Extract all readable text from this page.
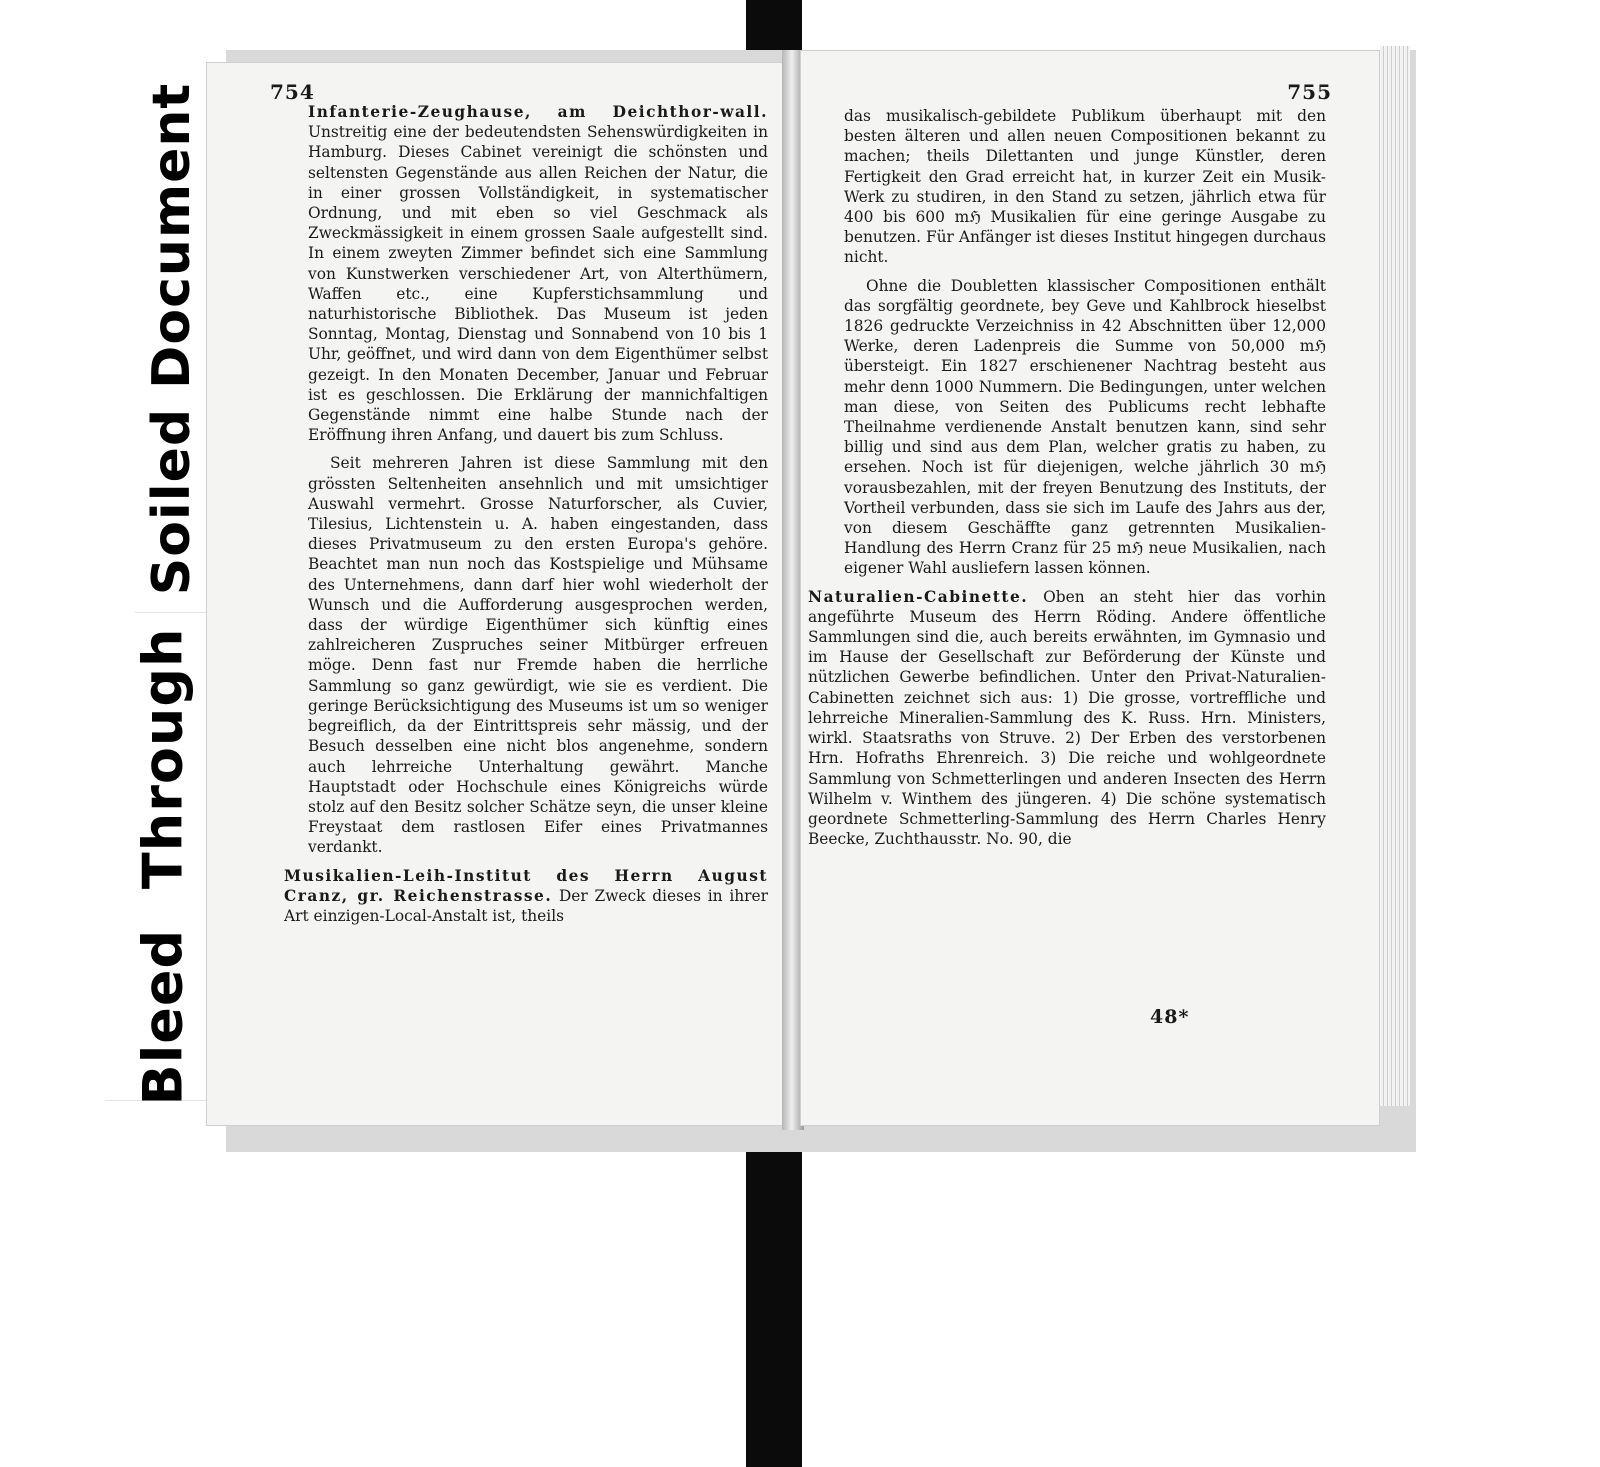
Soiled Document
Bleed Through
754

Infanterie-Zeughause, am Deichthor-wall. Unstreitig eine der bedeutendsten Sehenswürdigkeiten in Hamburg. Dieses Cabinet vereinigt die schönsten und seltensten Gegenstände aus allen Reichen der Natur, die in einer grossen Vollständigkeit, in systematischer Ordnung, und mit eben so viel Geschmack als Zweckmässigkeit in einem grossen Saale aufgestellt sind. In einem zweyten Zimmer befindet sich eine Sammlung von Kunstwerken verschiedener Art, von Alterthümern, Waffen etc., eine Kupferstichsammlung und naturhistorische Bibliothek. Das Museum ist jeden Sonntag, Montag, Dienstag und Sonnabend von 10 bis 1 Uhr, geöffnet, und wird dann von dem Eigenthümer selbst gezeigt. In den Monaten December, Januar und Februar ist es geschlossen. Die Erklärung der mannichfaltigen Gegenstände nimmt eine halbe Stunde nach der Eröffnung ihren Anfang, und dauert bis zum Schluss.

Seit mehreren Jahren ist diese Sammlung mit den grössten Seltenheiten ansehnlich und mit umsichtiger Auswahl vermehrt. Grosse Naturforscher, als Cuvier, Tilesius, Lichtenstein u. A. haben eingestanden, dass dieses Privatmuseum zu den ersten Europa's gehöre. Beachtet man nun noch das Kostspielige und Mühsame des Unternehmens, dann darf hier wohl wiederholt der Wunsch und die Aufforderung ausgesprochen werden, dass der würdige Eigenthümer sich künftig eines zahlreicheren Zuspruches seiner Mitbürger erfreuen möge. Denn fast nur Fremde haben die herrliche Sammlung so ganz gewürdigt, wie sie es verdient. Die geringe Berücksichtigung des Museums ist um so weniger begreiflich, da der Eintrittspreis sehr mässig, und der Besuch desselben eine nicht blos angenehme, sondern auch lehrreiche Unterhaltung gewährt. Manche Hauptstadt oder Hochschule eines Königreichs würde stolz auf den Besitz solcher Schätze seyn, die unser kleine Freystaat dem rastlosen Eifer eines Privatmannes verdankt.

Musikalien-Leih-Institut des Herrn August Cranz, gr. Reichenstrasse. Der Zweck dieses in ihrer Art einzigen-Local-Anstalt ist, theils

755

das musikalisch-gebildete Publikum überhaupt mit den besten älteren und allen neuen Compositionen bekannt zu machen; theils Dilettanten und junge Künstler, deren Fertigkeit den Grad erreicht hat, in kurzer Zeit ein Musik-Werk zu studiren, in den Stand zu setzen, jährlich etwa für 400 bis 600 mℌ Musikalien für eine geringe Ausgabe zu benutzen. Für Anfänger ist dieses Institut hingegen durchaus nicht.

Ohne die Doubletten klassischer Compositionen enthält das sorgfältig geordnete, bey Geve und Kahlbrock hieselbst 1826 gedruckte Verzeichniss in 42 Abschnitten über 12,000 Werke, deren Ladenpreis die Summe von 50,000 mℌ übersteigt. Ein 1827 erschienener Nachtrag besteht aus mehr denn 1000 Nummern. Die Bedingungen, unter welchen man diese, von Seiten des Publicums recht lebhafte Theilnahme verdienende Anstalt benutzen kann, sind sehr billig und sind aus dem Plan, welcher gratis zu haben, zu ersehen. Noch ist für diejenigen, welche jährlich 30 mℌ vorausbezahlen, mit der freyen Benutzung des Instituts, der Vortheil verbunden, dass sie sich im Laufe des Jahrs aus der, von diesem Geschäffte ganz getrennten Musikalien-Handlung des Herrn Cranz für 25 mℌ neue Musikalien, nach eigener Wahl ausliefern lassen können.

Naturalien-Cabinette. Oben an steht hier das vorhin angeführte Museum des Herrn Röding. Andere öffentliche Sammlungen sind die, auch bereits erwähnten, im Gymnasio und im Hause der Gesellschaft zur Beförderung der Künste und nützlichen Gewerbe befindlichen. Unter den Privat-Naturalien-Cabinetten zeichnet sich aus: 1) Die grosse, vortreffliche und lehrreiche Mineralien-Sammlung des K. Russ. Hrn. Ministers, wirkl. Staatsraths von Struve. 2) Der Erben des verstorbenen Hrn. Hofraths Ehrenreich. 3) Die reiche und wohlgeordnete Sammlung von Schmetterlingen und anderen Insecten des Herrn Wilhelm v. Winthem des jüngeren. 4) Die schöne systematisch geordnete Schmetterling-Sammlung des Herrn Charles Henry Beecke, Zuchthausstr. No. 90, die

48*
